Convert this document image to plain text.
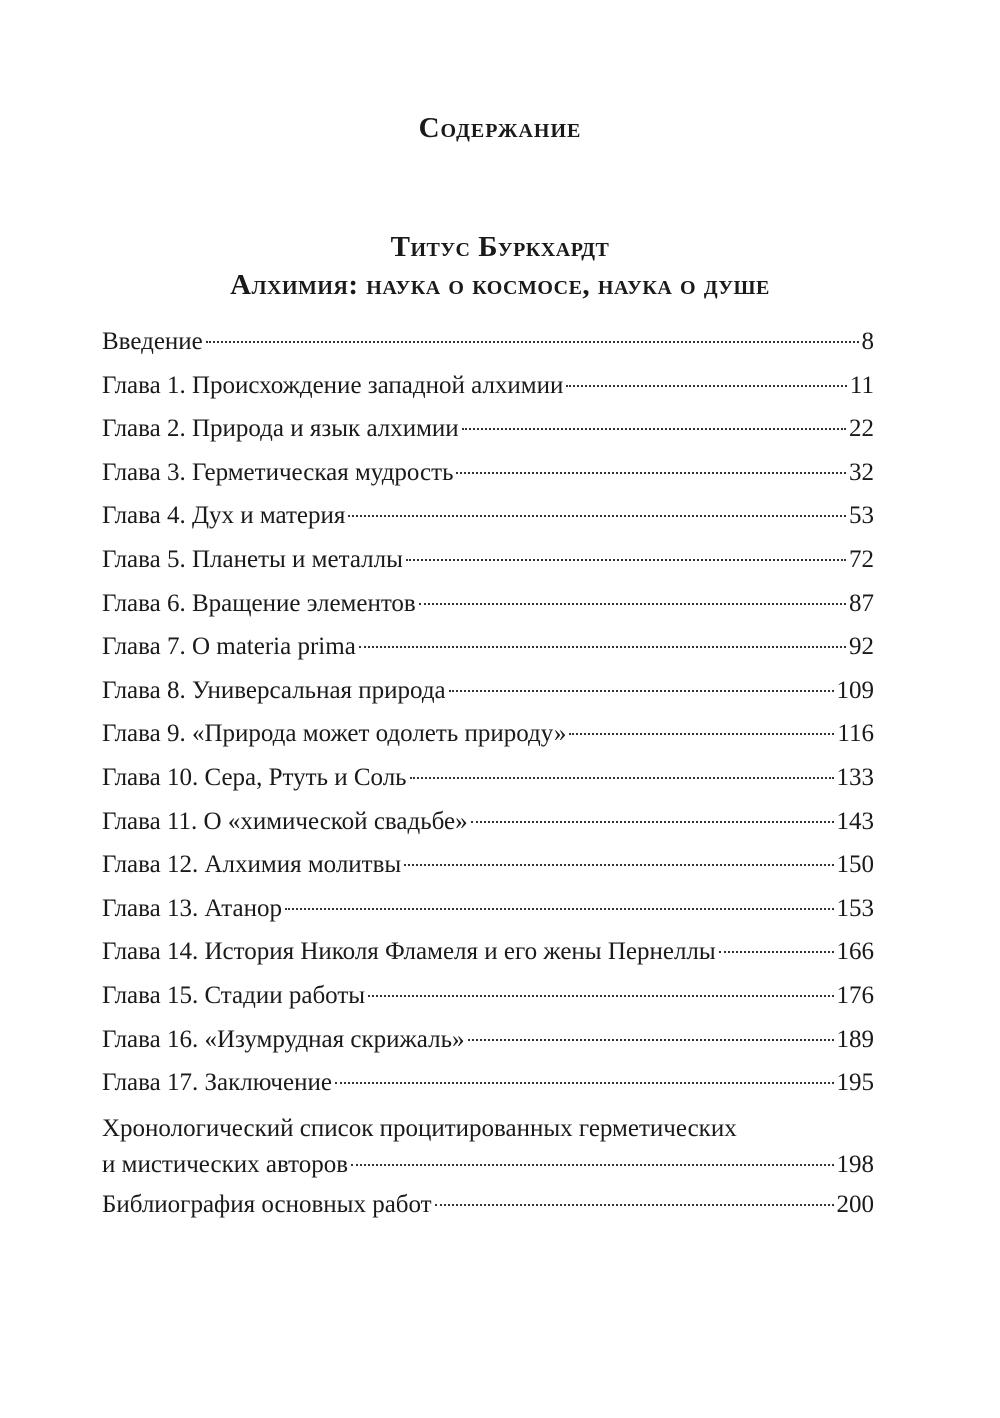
Содержание
Титус Буркхардт
Алхимия: наука о космосе, наука о душе
Введение	8
Глава 1. Происхождение западной алхимии	11
Глава 2. Природа и язык алхимии	22
Глава 3. Герметическая мудрость	32
Глава 4. Дух и материя	53
Глава 5. Планеты и металлы	72
Глава 6. Вращение элементов	87
Глава 7. О materia prima	92
Глава 8. Универсальная природа	109
Глава 9. «Природа может одолеть природу»	116
Глава 10. Сера, Ртуть и Соль	133
Глава 11. О «химической свадьбе»	143
Глава 12. Алхимия молитвы	150
Глава 13. Атанор	153
Глава 14. История Николя Фламеля и его жены Пернеллы	166
Глава 15. Стадии работы	176
Глава 16. «Изумрудная скрижаль»	189
Глава 17. Заключение	195
Хронологический список процитированных герметических
и мистических авторов	198
Библиография основных работ	200
